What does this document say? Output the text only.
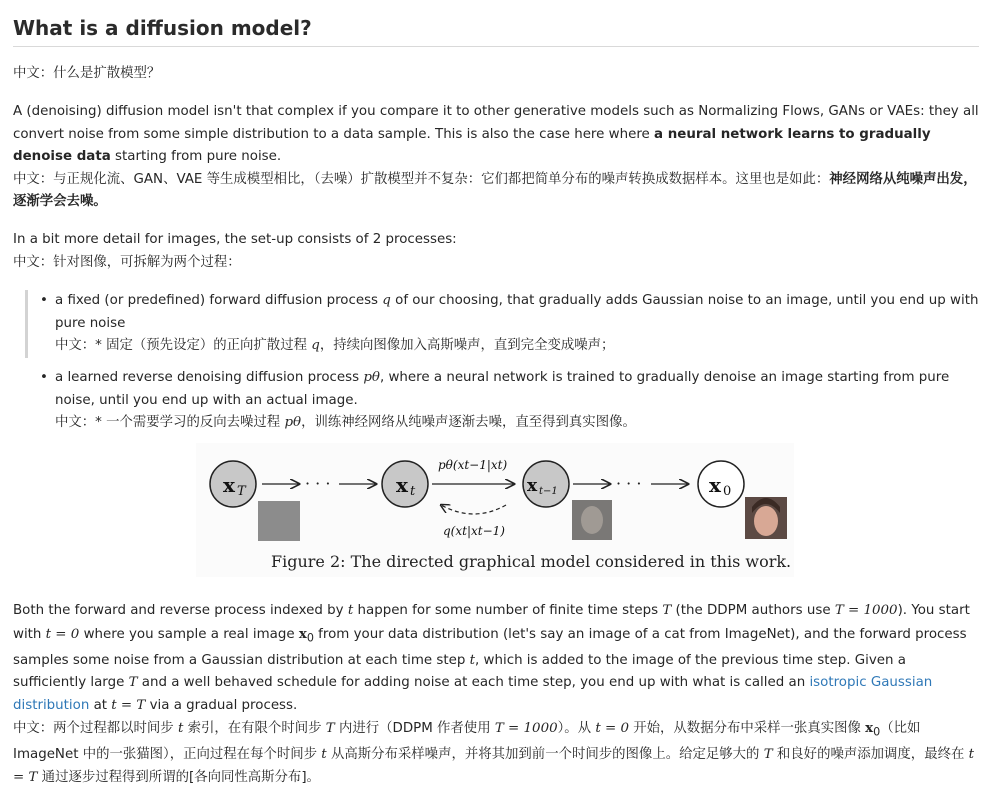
What is a diffusion model?

中文：什么是扩散模型？

A (denoising) diffusion model isn't that complex if you compare it to other generative models such as Normalizing Flows, GANs or VAEs: they all convert noise from some simple distribution to a data sample. This is also the case here where a neural network learns to gradually denoise data starting from pure noise.

中文：与正规化流、GAN、VAE 等生成模型相比，（去噪）扩散模型并不复杂：它们都把简单分布的噪声转换成数据样本。这里也是如此：神经网络从纯噪声出发，逐渐学会去噪。

In a bit more detail for images, the set-up consists of 2 processes:

中文：针对图像，可拆解为两个过程：

• a fixed (or predefined) forward diffusion process q of our choosing, that gradually adds Gaussian noise to an image, until you end up with pure noise
中文：* 固定（预先设定）的正向扩散过程 q，持续向图像加入高斯噪声，直到完全变成噪声；
• a learned reverse denoising diffusion process pθ, where a neural network is trained to gradually denoise an image starting from pure noise, until you end up with an actual image.
中文：* 一个需要学习的反向去噪过程 pθ，训练神经网络从纯噪声逐渐去噪，直至得到真实图像。
x T	· · ·	x t
pθ(xt−1|xt)
q(xt|xt−1)
x t−1	· · ·	x 0
Figure 2: The directed graphical model considered in this work.

Both the forward and reverse process indexed by t happen for some number of finite time steps T (the DDPM authors use T = 1000). You start with t = 0 where you sample a real image $x_0$ from your data distribution (let's say an image of a cat from ImageNet), and the forward process samples some noise from a Gaussian distribution at each time step t, which is added to the image of the previous time step. Given a sufficiently large T and a well behaved schedule for adding noise at each time step, you end up with what is called an isotropic Gaussian distribution at t = T via a gradual process.

中文：两个过程都以时间步 t 索引，在有限个时间步 T 内进行（DDPM 作者使用 T = 1000）。从 t = 0 开始，从数据分布中采样一张真实图像 $x_0$（比如 ImageNet 中的一张猫图），正向过程在每个时间步 t 从高斯分布采样噪声，并将其加到前一个时间步的图像上。给定足够大的 T 和良好的噪声添加调度，最终在 t = T 通过逐步过程得到所谓的[各向同性高斯分布]。
